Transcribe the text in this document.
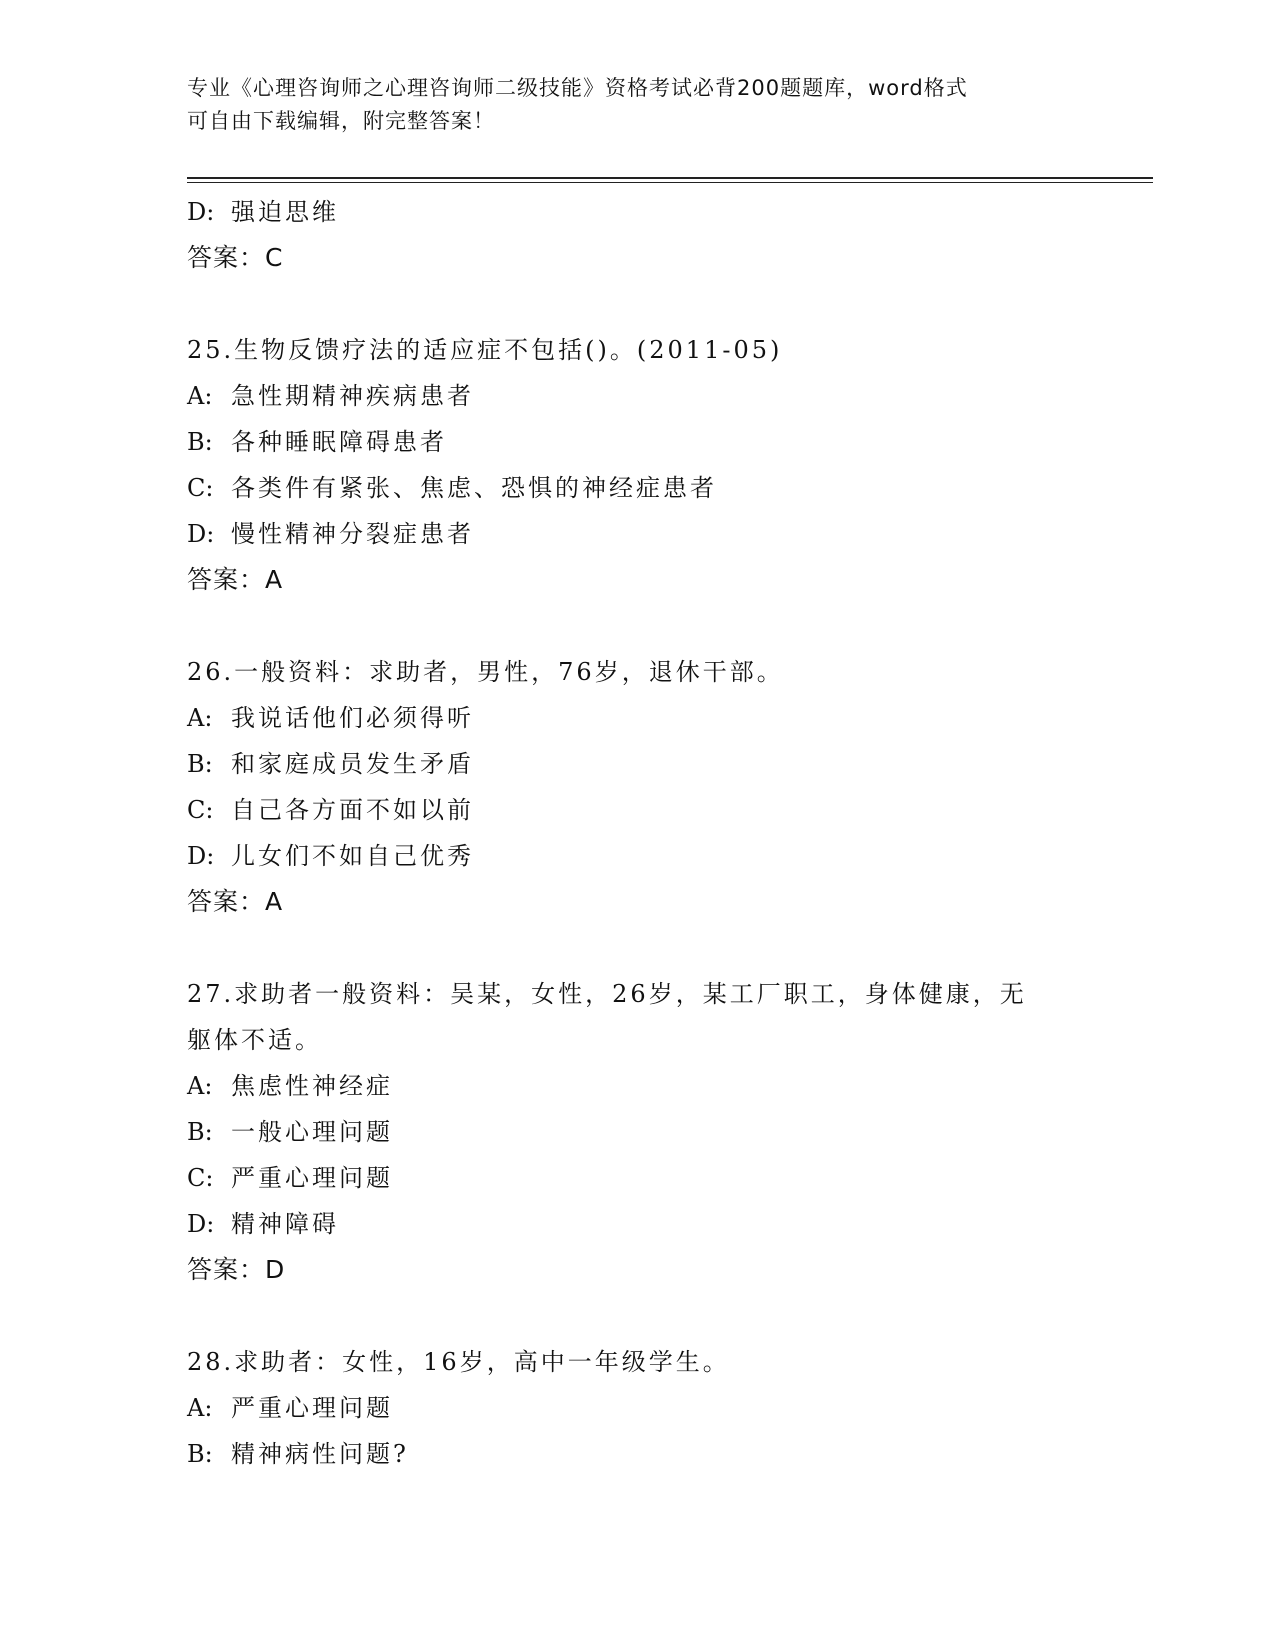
专业《心理咨询师之心理咨询师二级技能》资格考试必背200题题库，word格式
可自由下载编辑，附完整答案！
D: 强迫思维
答案：C
25.生物反馈疗法的适应症不包括()。(2011-05)
A: 急性期精神疾病患者
B: 各种睡眠障碍患者
C: 各类件有紧张、焦虑、恐惧的神经症患者
D: 慢性精神分裂症患者
答案：A
26.一般资料：求助者，男性，76岁，退休干部。
A: 我说话他们必须得听
B: 和家庭成员发生矛盾
C: 自己各方面不如以前
D: 儿女们不如自己优秀
答案：A
27.求助者一般资料：吴某，女性，26岁，某工厂职工，身体健康，无
躯体不适。
A: 焦虑性神经症
B: 一般心理问题
C: 严重心理问题
D: 精神障碍
答案：D
28.求助者：女性，16岁，高中一年级学生。
A: 严重心理问题
B: 精神病性问题?
